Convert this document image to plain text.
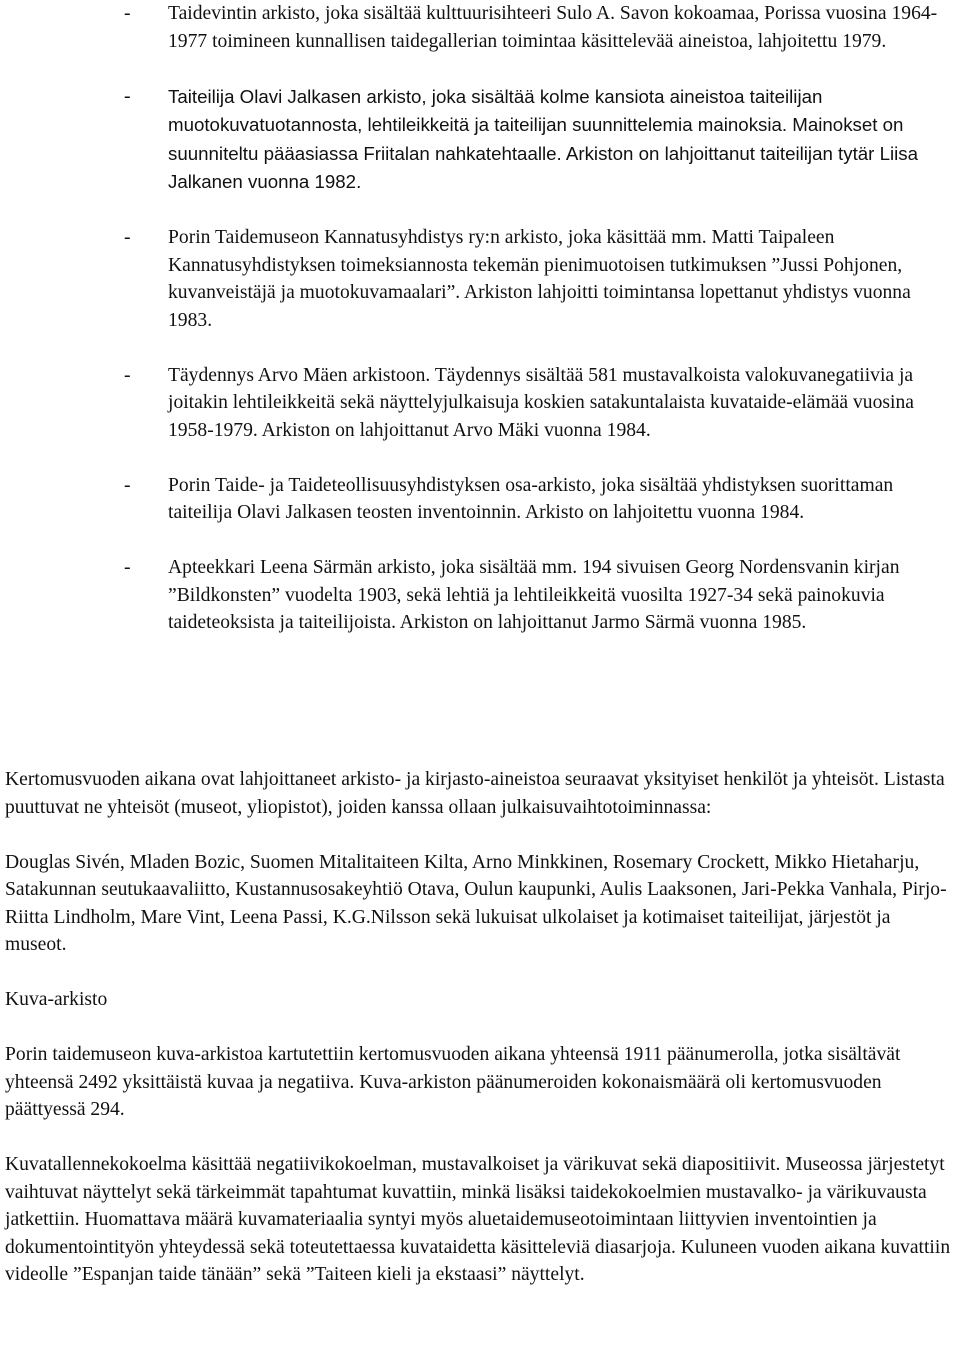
- Taidevintin arkisto, joka sisältää kulttuurisihteeri Sulo A. Savon kokoamaa, Porissa vuosina 1964-1977 toimineen kunnallisen taidegallerian toimintaa käsittelevää aineistoa, lahjoitettu 1979.

- Taiteilija Olavi Jalkasen arkisto, joka sisältää kolme kansiota aineistoa taiteilijan muotokuvatuotannosta, lehtileikkeitä ja taiteilijan suunnittelemia mainoksia. Mainokset on suunniteltu pääasiassa Friitalan nahkatehtaalle. Arkiston on lahjoittanut taiteilijan tytär Liisa Jalkanen vuonna 1982.

- Porin Taidemuseon Kannatusyhdistys ry:n arkisto, joka käsittää mm. Matti Taipaleen Kannatusyhdistyksen toimeksiannosta tekemän pienimuotoisen tutkimuksen ”Jussi Pohjonen, kuvanveistäjä ja muotokuvamaalari”. Arkiston lahjoitti toimintansa lopettanut yhdistys vuonna 1983.

- Täydennys Arvo Mäen arkistoon. Täydennys sisältää 581 mustavalkoista valokuvanegatiivia ja joitakin lehtileikkeitä sekä näyttelyjulkaisuja koskien satakuntalaista kuvataide-elämää vuosina 1958-1979. Arkiston on lahjoittanut Arvo Mäki vuonna 1984.

- Porin Taide- ja Taideteollisuusyhdistyksen osa-arkisto, joka sisältää yhdistyksen suorittaman taiteilija Olavi Jalkasen teosten inventoinnin. Arkisto on lahjoitettu vuonna 1984.

- Apteekkari Leena Särmän arkisto, joka sisältää mm. 194 sivuisen Georg Nordensvanin kirjan ”Bildkonsten” vuodelta 1903, sekä lehtiä ja lehtileikkeitä vuosilta 1927-34 sekä painokuvia taideteoksista ja taiteilijoista. Arkiston on lahjoittanut Jarmo Särmä vuonna 1985.

Kertomusvuoden aikana ovat lahjoittaneet arkisto- ja kirjasto-aineistoa seuraavat yksityiset henkilöt ja yhteisöt. Listasta puuttuvat ne yhteisöt (museot, yliopistot), joiden kanssa ollaan julkaisuvaihtotoiminnassa:

Douglas Sivén, Mladen Bozic, Suomen Mitalitaiteen Kilta, Arno Minkkinen, Rosemary Crockett, Mikko Hietaharju, Satakunnan seutukaavaliitto, Kustannusosakeyhtiö Otava, Oulun kaupunki, Aulis Laaksonen, Jari-Pekka Vanhala, Pirjo-Riitta Lindholm, Mare Vint, Leena Passi, K.G.Nilsson sekä lukuisat ulkolaiset ja kotimaiset taiteilijat, järjestöt ja museot.

Kuva-arkisto

Porin taidemuseon kuva-arkistoa kartutettiin kertomusvuoden aikana yhteensä 1911 päänumerolla, jotka sisältävät yhteensä 2492 yksittäistä kuvaa ja negatiiva. Kuva-arkiston päänumeroiden kokonaismäärä oli kertomusvuoden päättyessä 294.

Kuvatallennekokoelma käsittää negatiivikokoelman, mustavalkoiset ja värikuvat sekä diapositiivit. Museossa järjestetyt vaihtuvat näyttelyt sekä tärkeimmät tapahtumat kuvattiin, minkä lisäksi taidekokoelmien mustavalko- ja värikuvausta jatkettiin. Huomattava määrä kuvamateriaalia syntyi myös aluetaidemuseotoimintaan liittyvien inventointien ja dokumentointityön yhteydessä sekä toteutettaessa kuvataidetta käsitteleviä diasarjoja. Kuluneen vuoden aikana kuvattiin videolle ”Espanjan taide tänään” sekä ”Taiteen kieli ja ekstaasi” näyttelyt.
